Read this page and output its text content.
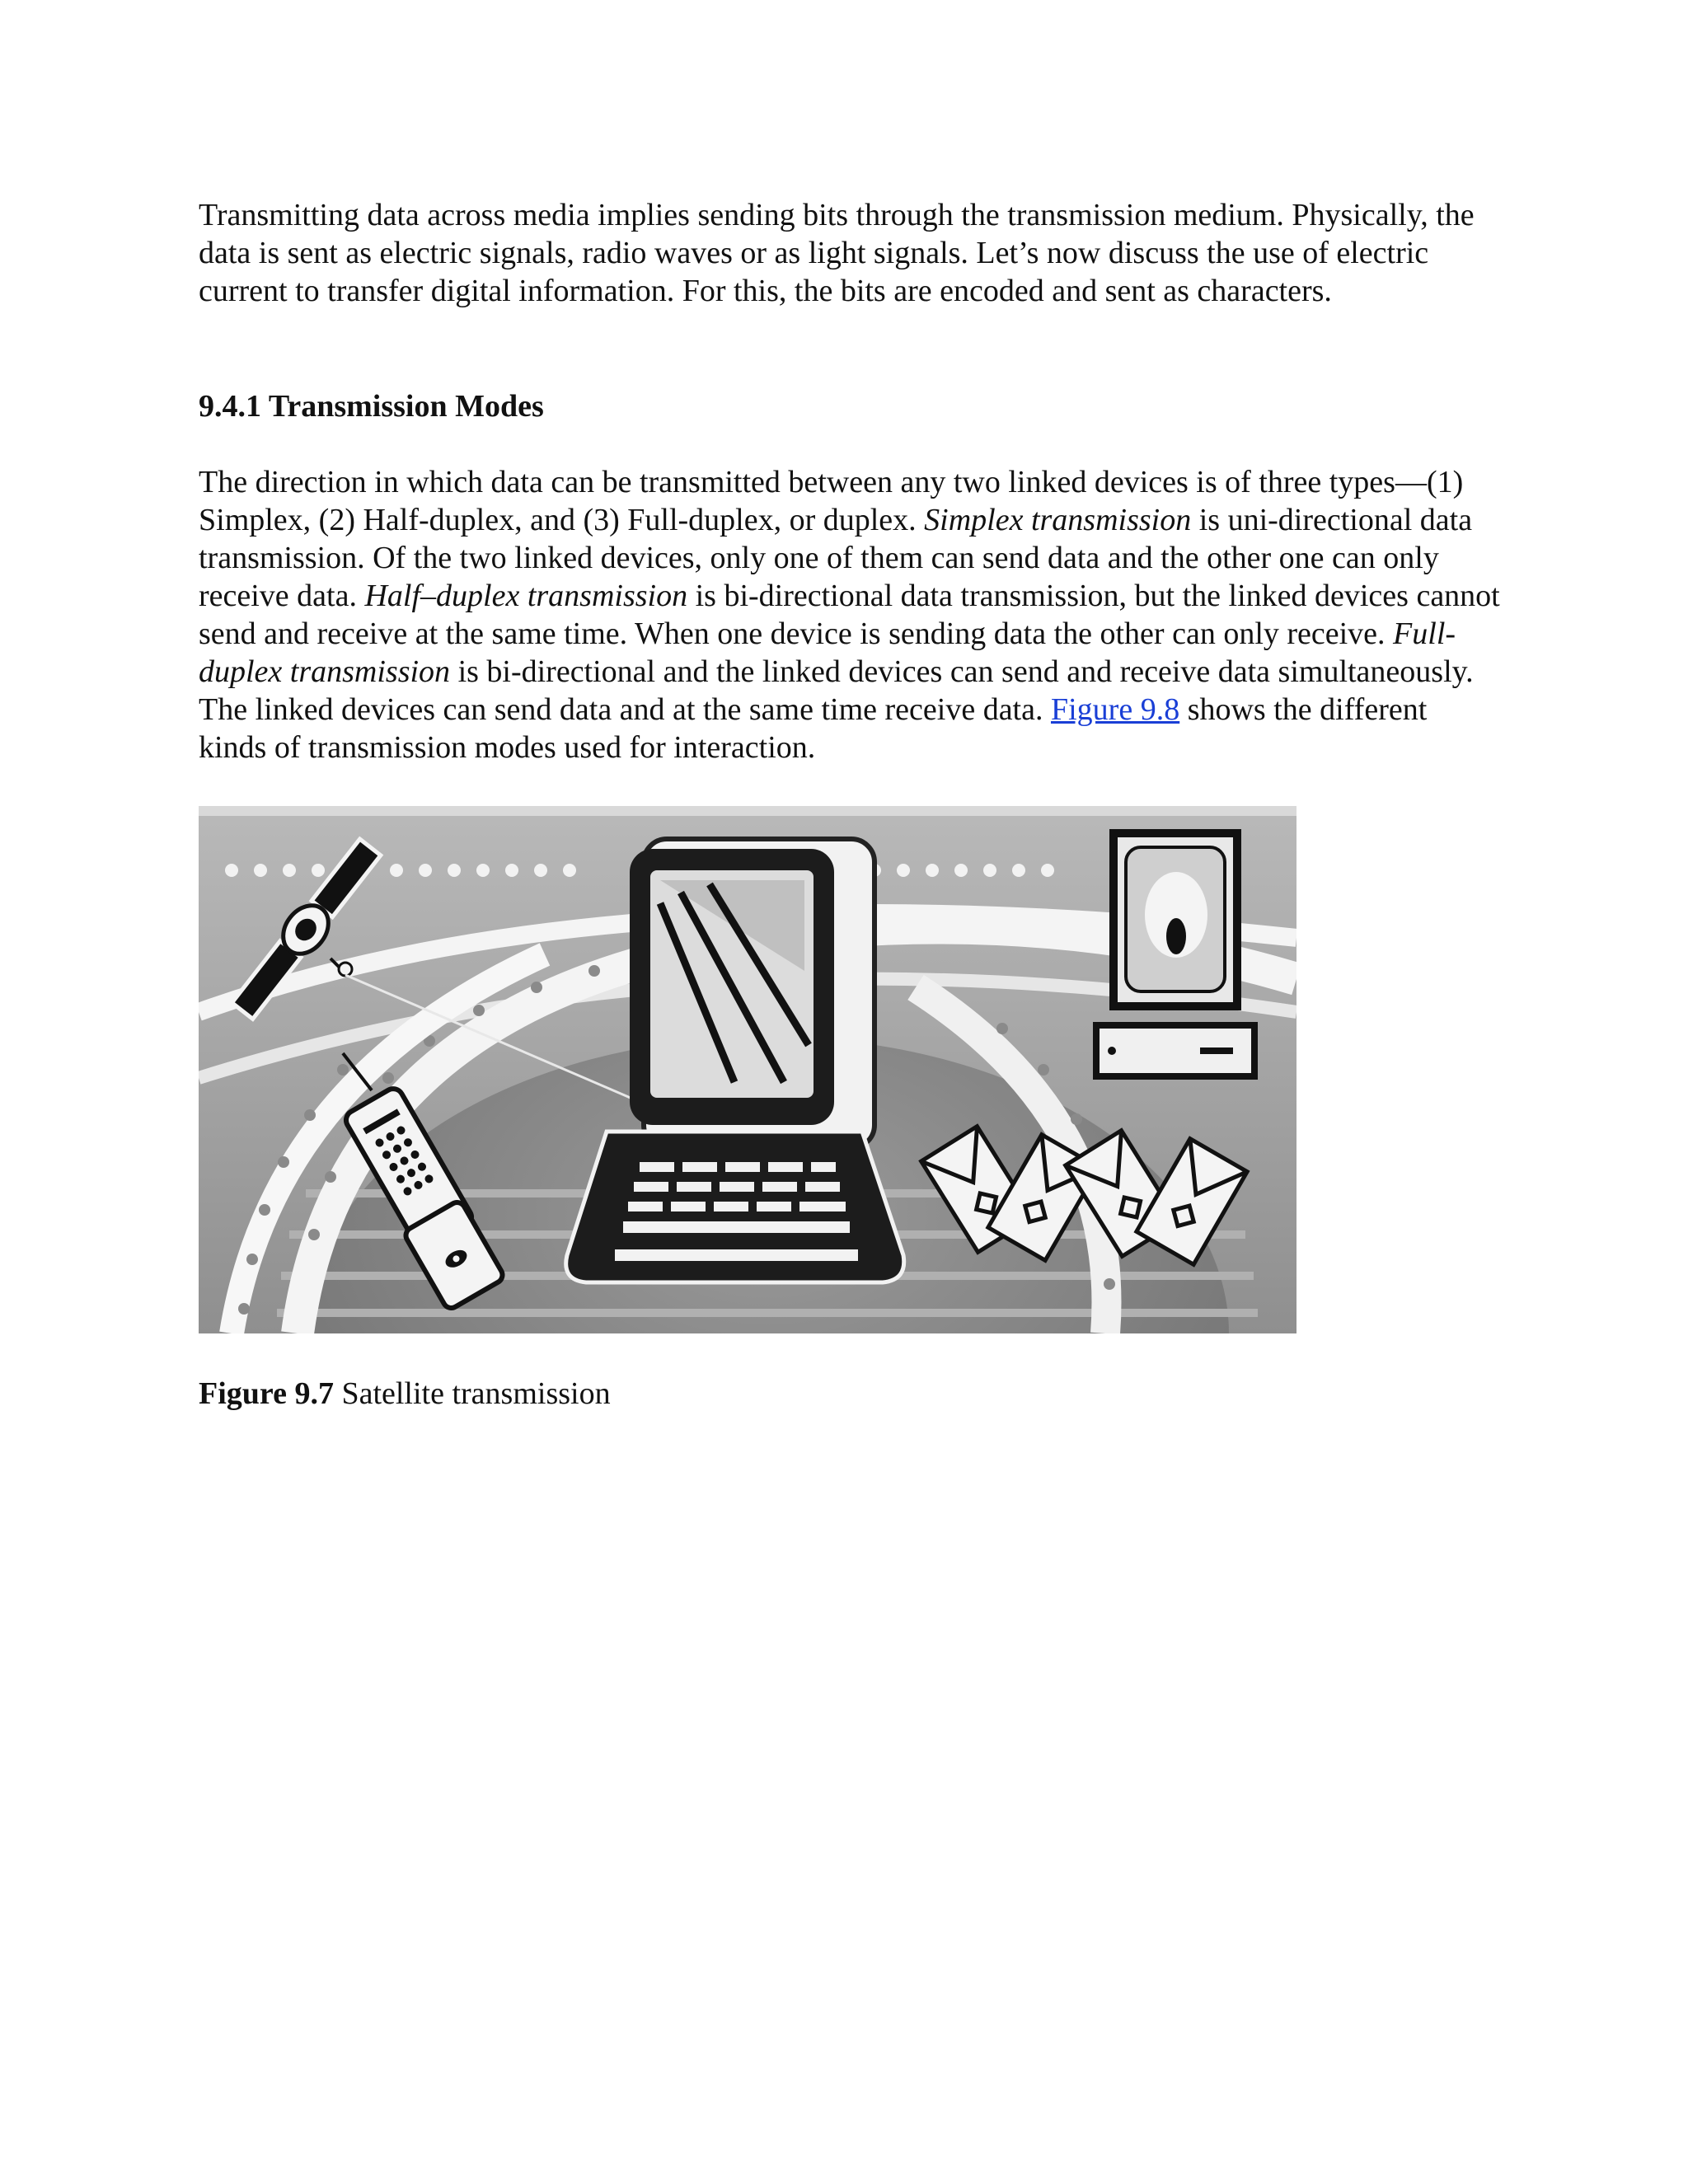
Transmitting data across media implies sending bits through the transmission medium. Physically, the data is sent as electric signals, radio waves or as light signals. Let’s now discuss the use of electric current to transfer digital information. For this, the bits are encoded and sent as characters.

9.4.1 Transmission Modes

The direction in which data can be transmitted between any two linked devices is of three types—(1) Simplex, (2) Half-duplex, and (3) Full-duplex, or duplex. Simplex transmission is uni-directional data transmission. Of the two linked devices, only one of them can send data and the other one can only receive data. Half–duplex transmission is bi-directional data transmission, but the linked devices cannot send and receive at the same time. When one device is sending data the other can only receive. Full-duplex transmission is bi-directional and the linked devices can send and receive data simultaneously. The linked devices can send data and at the same time receive data. Figure 9.8 shows the different kinds of transmission modes used for interaction.

Figure 9.7 Satellite transmission
